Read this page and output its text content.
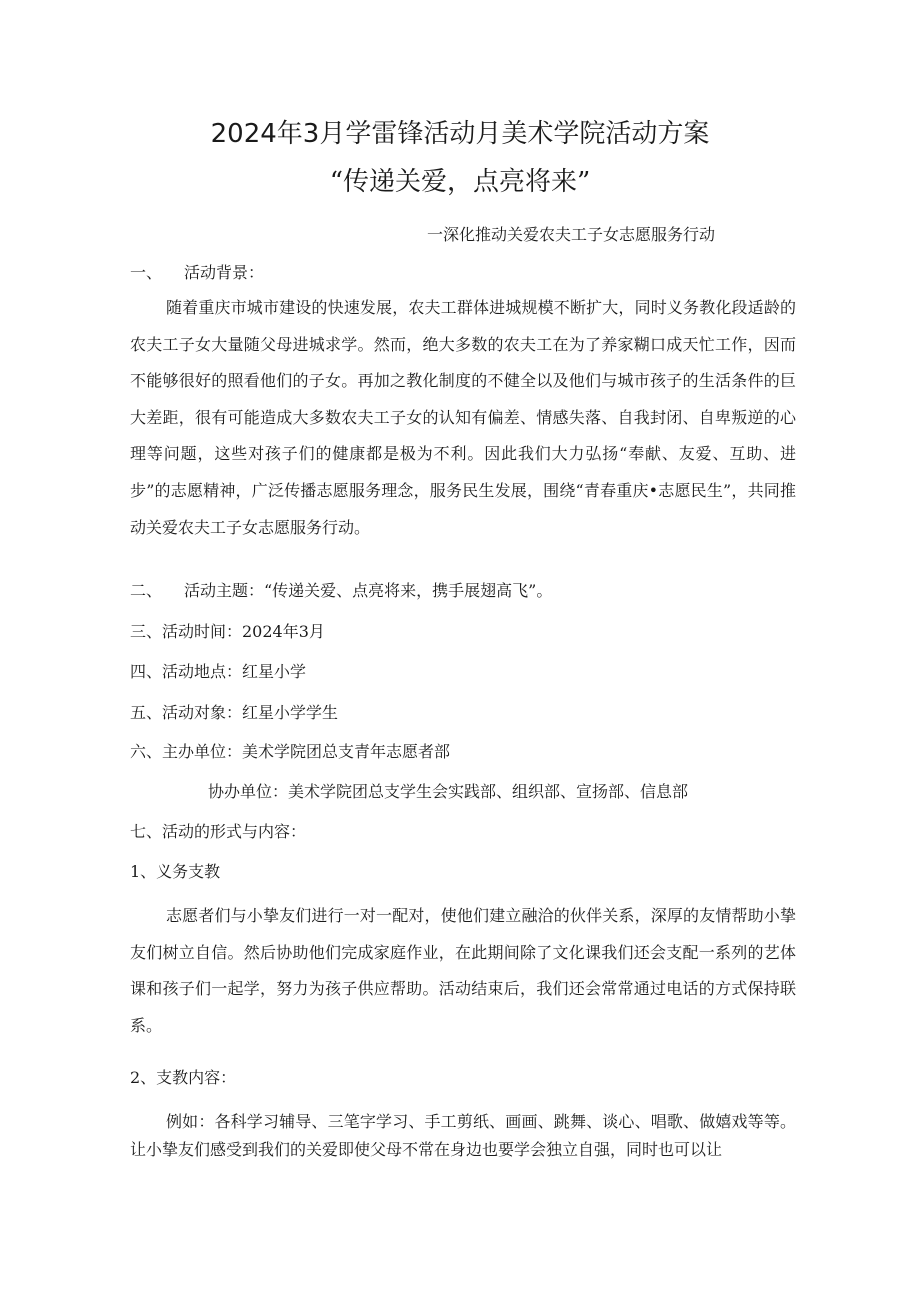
2024年3月学雷锋活动月美术学院活动方案
“传递关爱，点亮将来”
一深化推动关爱农夫工子女志愿服务行动
一、 活动背景：

随着重庆市城市建设的快速发展，农夫工群体进城规模不断扩大，同时义务教化段适龄的农夫工子女大量随父母进城求学。然而，绝大多数的农夫工在为了养家糊口成天忙工作，因而不能够很好的照看他们的子女。再加之教化制度的不健全以及他们与城市孩子的生活条件的巨大差距，很有可能造成大多数农夫工子女的认知有偏差、情感失落、自我封闭、自卑叛逆的心理等问题，这些对孩子们的健康都是极为不利。因此我们大力弘扬“奉献、友爱、互助、进步”的志愿精神，广泛传播志愿服务理念，服务民生发展，围绕“青春重庆•志愿民生”，共同推动关爱农夫工子女志愿服务行动。

二、 活动主题：“传递关爱、点亮将来，携手展翅高飞”。
三、活动时间：2024年3月
四、活动地点：红星小学
五、活动对象：红星小学学生
六、主办单位：美术学院团总支青年志愿者部
协办单位：美术学院团总支学生会实践部、组织部、宣扬部、信息部
七、活动的形式与内容：
1、义务支教

志愿者们与小挚友们进行一对一配对，使他们建立融洽的伙伴关系，深厚的友情帮助小挚友们树立自信。然后协助他们完成家庭作业，在此期间除了文化课我们还会支配一系列的艺体课和孩子们一起学，努力为孩子供应帮助。活动结束后，我们还会常常通过电话的方式保持联系。

2、支教内容：

例如：各科学习辅导、三笔字学习、手工剪纸、画画、跳舞、谈心、唱歌、做嬉戏等等。让小挚友们感受到我们的关爱即使父母不常在身边也要学会独立自强，同时也可以让
